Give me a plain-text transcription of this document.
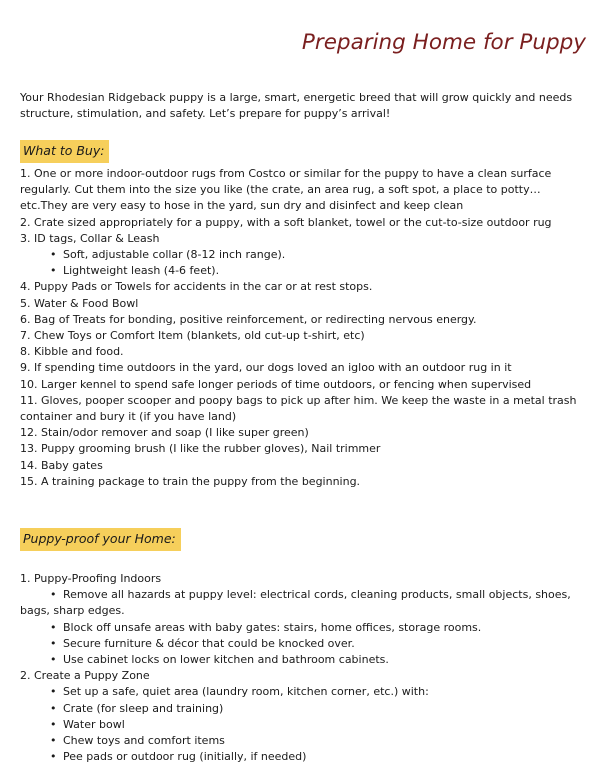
Preparing Home for Puppy

Your Rhodesian Ridgeback puppy is a large, smart, energetic breed that will grow quickly and needs structure, stimulation, and safety. Let’s prepare for puppy’s arrival!

What to Buy:
1. One or more indoor-outdoor rugs from Costco or similar for the puppy to have a clean surface regularly. Cut them into the size you like (the crate, an area rug, a soft spot, a place to potty…etc.They are very easy to hose in the yard, sun dry and disinfect and keep clean
2. Crate sized appropriately for a puppy, with a soft blanket, towel or the cut-to-size outdoor rug
3. ID tags, Collar & Leash
• Soft, adjustable collar (8-12 inch range).
• Lightweight leash (4-6 feet).
4. Puppy Pads or Towels for accidents in the car or at rest stops.
5. Water & Food Bowl
6. Bag of Treats for bonding, positive reinforcement, or redirecting nervous energy.
7. Chew Toys or Comfort Item (blankets, old cut-up t-shirt, etc)
8. Kibble and food.
9. If spending time outdoors in the yard, our dogs loved an igloo with an outdoor rug in it
10. Larger kennel to spend safe longer periods of time outdoors, or fencing when supervised
11. Gloves, pooper scooper and poopy bags to pick up after him. We keep the waste in a metal trash container and bury it (if you have land)
12. Stain/odor remover and soap (I like super green)
13. Puppy grooming brush (I like the rubber gloves), Nail trimmer
14. Baby gates
15. A training package to train the puppy from the beginning.
Puppy-proof your Home:
1. Puppy-Proofing Indoors
• Remove all hazards at puppy level: electrical cords, cleaning products, small objects, shoes,
bags, sharp edges.
• Block off unsafe areas with baby gates: stairs, home offices, storage rooms.
• Secure furniture & décor that could be knocked over.
• Use cabinet locks on lower kitchen and bathroom cabinets.
2. Create a Puppy Zone
• Set up a safe, quiet area (laundry room, kitchen corner, etc.) with:
• Crate (for sleep and training)
• Water bowl
• Chew toys and comfort items
• Pee pads or outdoor rug (initially, if needed)
